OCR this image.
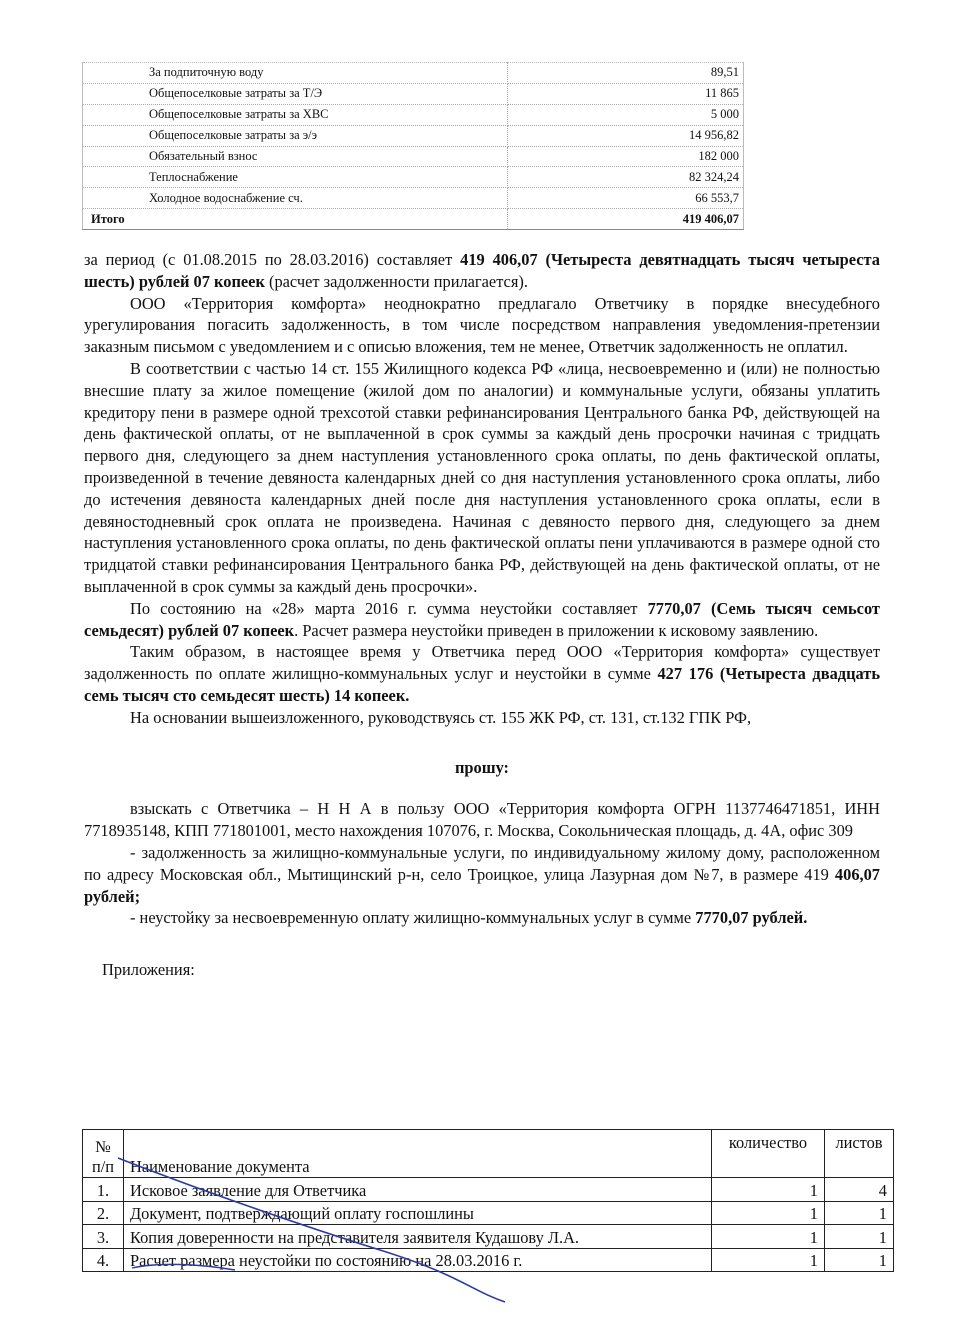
За подпиточную воду	89,51
Общепоселковые затраты за Т/Э	11 865
Общепоселковые затраты за ХВС	5 000
Общепоселковые затраты за э/э	14 956,82
Обязательный взнос	182 000
Теплоснабжение	82 324,24
Холодное водоснабжение сч.	66 553,7
Итого	419 406,07

за период (с 01.08.2015 по 28.03.2016) составляет 419 406,07 (Четыреста девятнадцать тысяч четыреста шесть) рублей 07 копеек (расчет задолженности прилагается).

ООО «Территория комфорта» неоднократно предлагало Ответчику в порядке внесудебного урегулирования погасить задолженность, в том числе посредством направления уведомления-претензии заказным письмом с уведомлением и с описью вложения, тем не менее, Ответчик задолженность не оплатил.

В соответствии с частью 14 ст. 155 Жилищного кодекса РФ «лица, несвоевременно и (или) не полностью внесшие плату за жилое помещение (жилой дом по аналогии) и коммунальные услуги, обязаны уплатить кредитору пени в размере одной трехсотой ставки рефинансирования Центрального банка РФ, действующей на день фактической оплаты, от не выплаченной в срок суммы за каждый день просрочки начиная с тридцать первого дня, следующего за днем наступления установленного срока оплаты, по день фактической оплаты, произведенной в течение девяноста календарных дней со дня наступления установленного срока оплаты, либо до истечения девяноста календарных дней после дня наступления установленного срока оплаты, если в девяностодневный срок оплата не произведена. Начиная с девяносто первого дня, следующего за днем наступления установленного срока оплаты, по день фактической оплаты пени уплачиваются в размере одной сто тридцатой ставки рефинансирования Центрального банка РФ, действующей на день фактической оплаты, от не выплаченной в срок суммы за каждый день просрочки».

По состоянию на «28» марта 2016 г. сумма неустойки составляет 7770,07 (Семь тысяч семьсот семьдесят) рублей 07 копеек. Расчет размера неустойки приведен в приложении к исковому заявлению.

Таким образом, в настоящее время у Ответчика перед ООО «Территория комфорта» существует задолженность по оплате жилищно-коммунальных услуг и неустойки в сумме 427 176 (Четыреста двадцать семь тысяч сто семьдесят шесть) 14 копеек.

На основании вышеизложенного, руководствуясь ст. 155 ЖК РФ, ст. 131, ст.132 ГПК РФ,

прошу:

взыскать с Ответчика – Н Н А в пользу ООО «Территория комфорта ОГРН 1137746471851, ИНН 7718935148, КПП 771801001, место нахождения 107076, г. Москва, Сокольническая площадь, д. 4А, офис 309

- задолженность за жилищно-коммунальные услуги, по индивидуальному жилому дому, расположенном по адресу Московская обл., Мытищинский р-н, село Троицкое, улица Лазурная дом №7, в размере 419 406,07 рублей;

- неустойку за несвоевременную оплату жилищно-коммунальных услуг в сумме 7770,07 рублей.

Приложения:

№ п/п	Наименование документа	количество	листов
1.	Исковое заявление для Ответчика	1	4
2.	Документ, подтверждающий оплату госпошлины	1	1
3.	Копия доверенности на представителя заявителя Кудашову Л.А.	1	1
4.	Расчет размера неустойки по состоянию на 28.03.2016 г.	1	1
